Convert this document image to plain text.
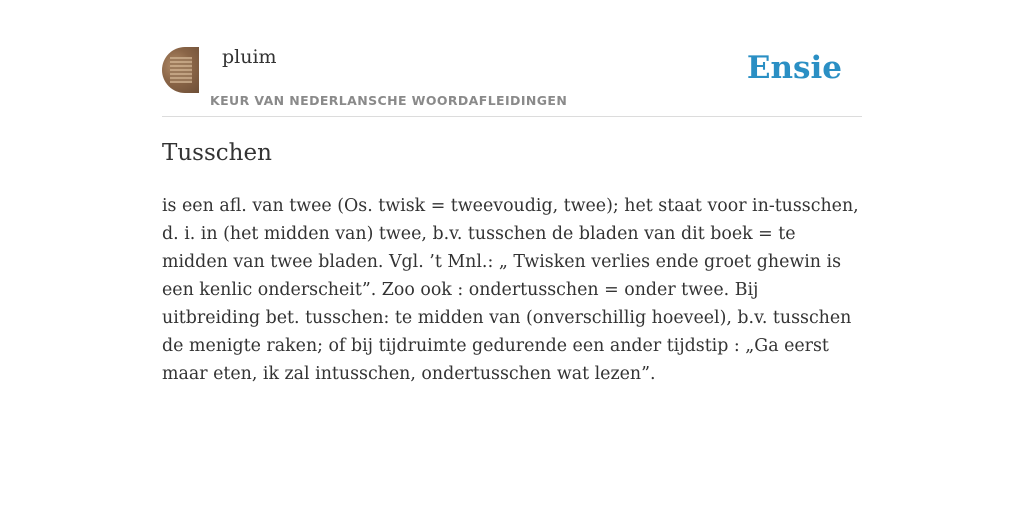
pluim
KEUR VAN NEDERLANSCHE WOORDAFLEIDINGEN
Ensie
Tusschen

is een afl. van twee (Os. twisk = tweevoudig, twee); het staat voor in-tusschen, d. i. in (het midden van) twee, b.v. tusschen de bladen van dit boek = te midden van twee bladen. Vgl. ’t Mnl.: „ Twisken verlies ende groet ghewin is een kenlic onderscheit”. Zoo ook : ondertusschen = onder twee. Bij uitbreiding bet. tusschen: te midden van (onverschillig hoeveel), b.v. tusschen de menigte raken; of bij tijdruimte gedurende een ander tijdstip : „Ga eerst maar eten, ik zal intusschen, ondertusschen wat lezen”.
